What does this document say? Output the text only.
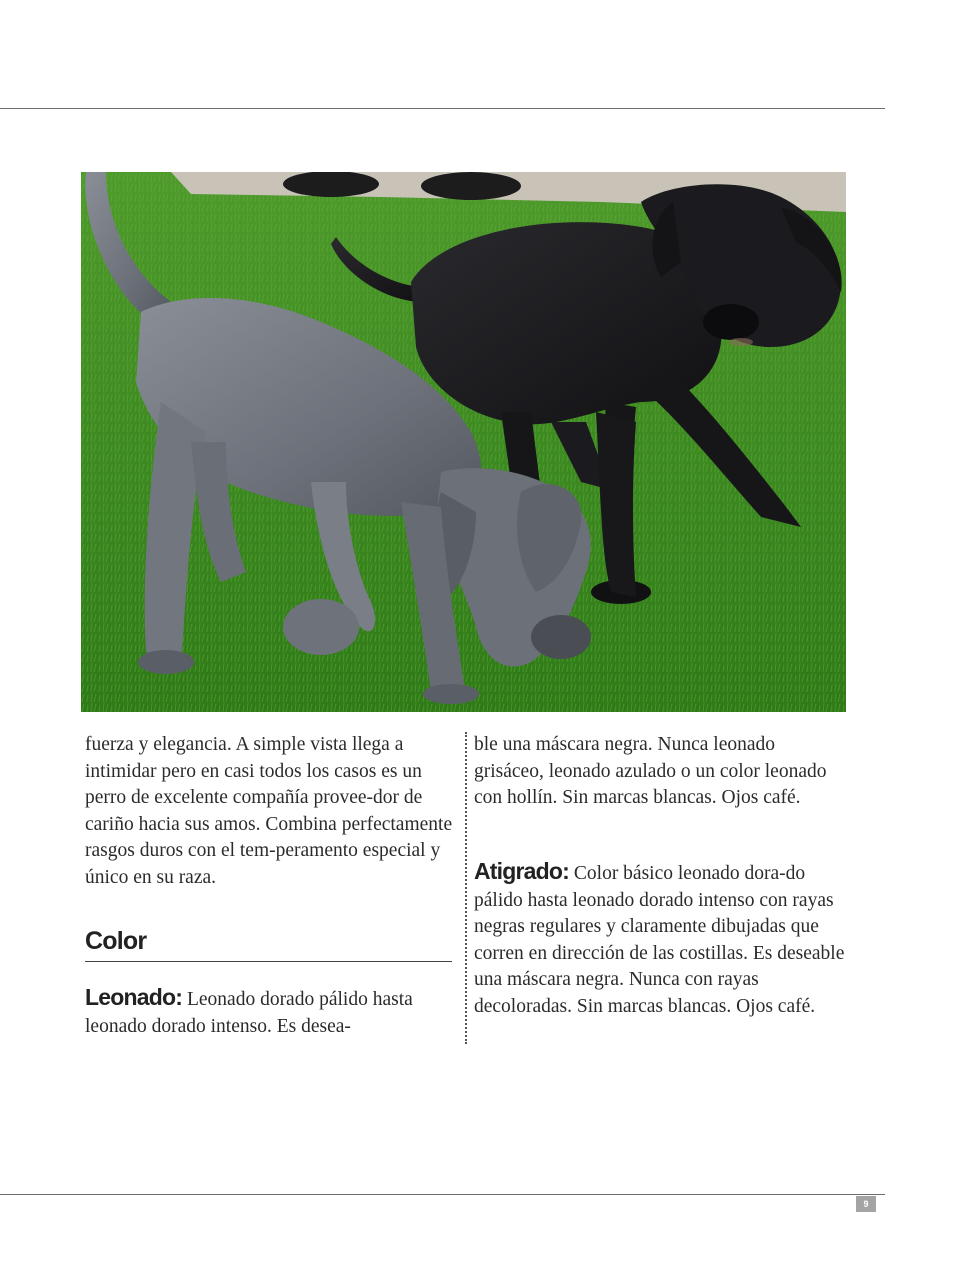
fuerza y elegancia. A simple vista llega a intimidar pero en casi todos los casos es un perro de excelente compañía provee-dor de cariño hacia sus amos. Combina perfectamente rasgos duros con el tem-peramento especial y único en su raza.

Color

Leonado: Leonado dorado pálido hasta leonado dorado intenso. Es desea-

ble una máscara negra. Nunca leonado grisáceo, leonado azulado o un color leonado con hollín. Sin marcas blancas. Ojos café.

Atigrado: Color básico leonado dora-do pálido hasta leonado dorado intenso con rayas negras regulares y claramente dibujadas que corren en dirección de las costillas. Es deseable una máscara negra. Nunca con rayas decoloradas. Sin marcas blancas. Ojos café.

9
